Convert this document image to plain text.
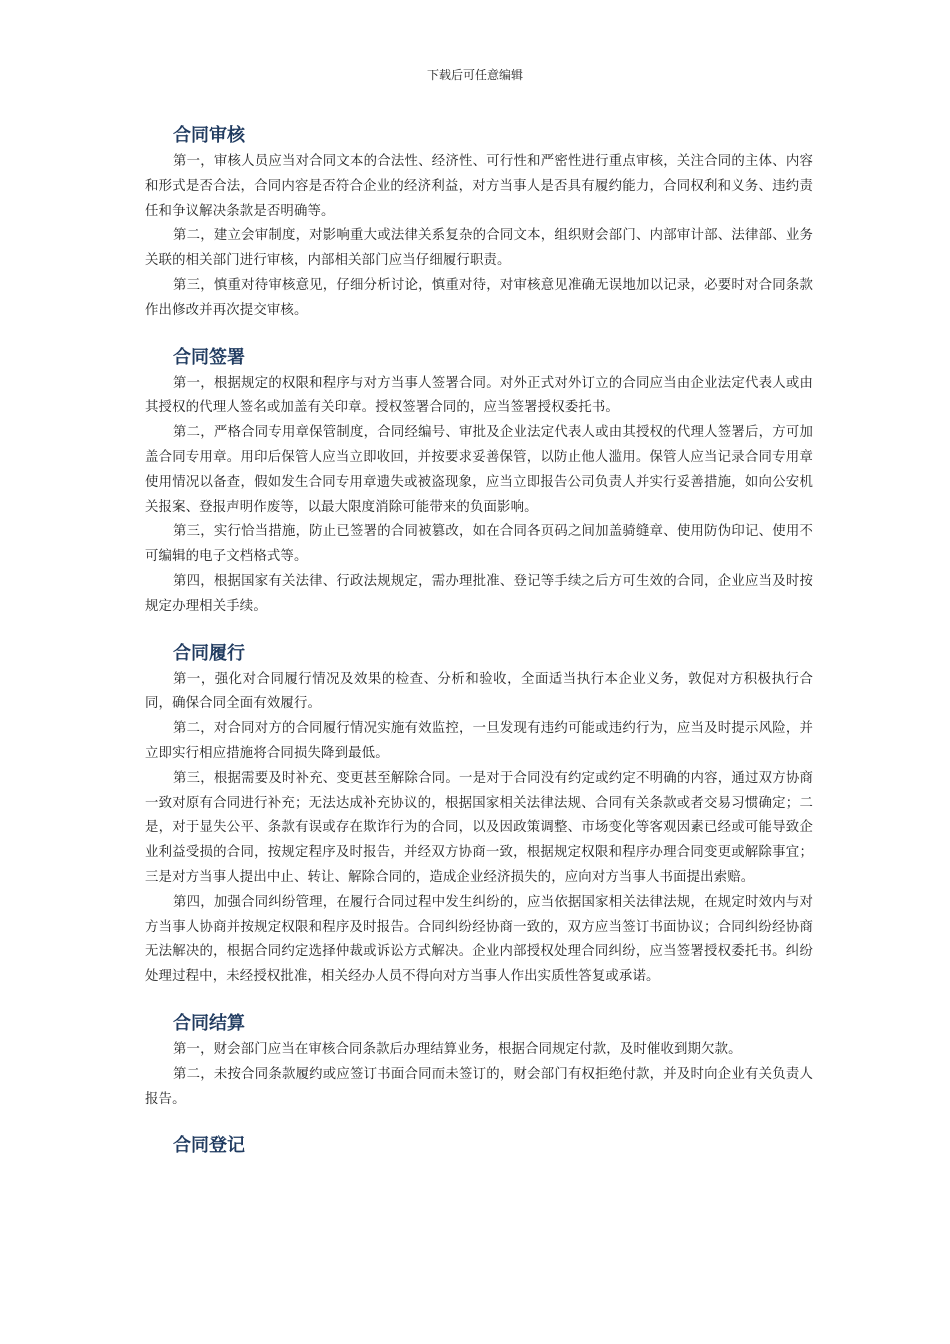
下载后可任意编辑
合同审核

第一，审核人员应当对合同文本的合法性、经济性、可行性和严密性进行重点审核，关注合同的主体、内容和形式是否合法，合同内容是否符合企业的经济利益，对方当事人是否具有履约能力，合同权利和义务、违约责任和争议解决条款是否明确等。

第二，建立会审制度，对影响重大或法律关系复杂的合同文本，组织财会部门、内部审计部、法律部、业务关联的相关部门进行审核，内部相关部门应当仔细履行职责。

第三，慎重对待审核意见，仔细分析讨论，慎重对待，对审核意见准确无误地加以记录，必要时对合同条款作出修改并再次提交审核。

合同签署

第一，根据规定的权限和程序与对方当事人签署合同。对外正式对外订立的合同应当由企业法定代表人或由其授权的代理人签名或加盖有关印章。授权签署合同的，应当签署授权委托书。

第二，严格合同专用章保管制度，合同经编号、审批及企业法定代表人或由其授权的代理人签署后，方可加盖合同专用章。用印后保管人应当立即收回，并按要求妥善保管，以防止他人滥用。保管人应当记录合同专用章使用情况以备查，假如发生合同专用章遗失或被盗现象，应当立即报告公司负责人并实行妥善措施，如向公安机关报案、登报声明作废等，以最大限度消除可能带来的负面影响。

第三，实行恰当措施，防止已签署的合同被篡改，如在合同各页码之间加盖骑缝章、使用防伪印记、使用不可编辑的电子文档格式等。

第四，根据国家有关法律、行政法规规定，需办理批准、登记等手续之后方可生效的合同，企业应当及时按规定办理相关手续。

合同履行

第一，强化对合同履行情况及效果的检查、分析和验收，全面适当执行本企业义务，敦促对方积极执行合同，确保合同全面有效履行。

第二，对合同对方的合同履行情况实施有效监控，一旦发现有违约可能或违约行为，应当及时提示风险，并立即实行相应措施将合同损失降到最低。

第三，根据需要及时补充、变更甚至解除合同。一是对于合同没有约定或约定不明确的内容，通过双方协商一致对原有合同进行补充；无法达成补充协议的，根据国家相关法律法规、合同有关条款或者交易习惯确定；二是，对于显失公平、条款有误或存在欺诈行为的合同，以及因政策调整、市场变化等客观因素已经或可能导致企业利益受损的合同，按规定程序及时报告，并经双方协商一致，根据规定权限和程序办理合同变更或解除事宜；三是对方当事人提出中止、转让、解除合同的，造成企业经济损失的，应向对方当事人书面提出索赔。

第四，加强合同纠纷管理，在履行合同过程中发生纠纷的，应当依据国家相关法律法规，在规定时效内与对方当事人协商并按规定权限和程序及时报告。合同纠纷经协商一致的，双方应当签订书面协议；合同纠纷经协商无法解决的，根据合同约定选择仲裁或诉讼方式解决。企业内部授权处理合同纠纷，应当签署授权委托书。纠纷处理过程中，未经授权批准，相关经办人员不得向对方当事人作出实质性答复或承诺。

合同结算

第一，财会部门应当在审核合同条款后办理结算业务，根据合同规定付款，及时催收到期欠款。

第二，未按合同条款履约或应签订书面合同而未签订的，财会部门有权拒绝付款，并及时向企业有关负责人报告。

合同登记
